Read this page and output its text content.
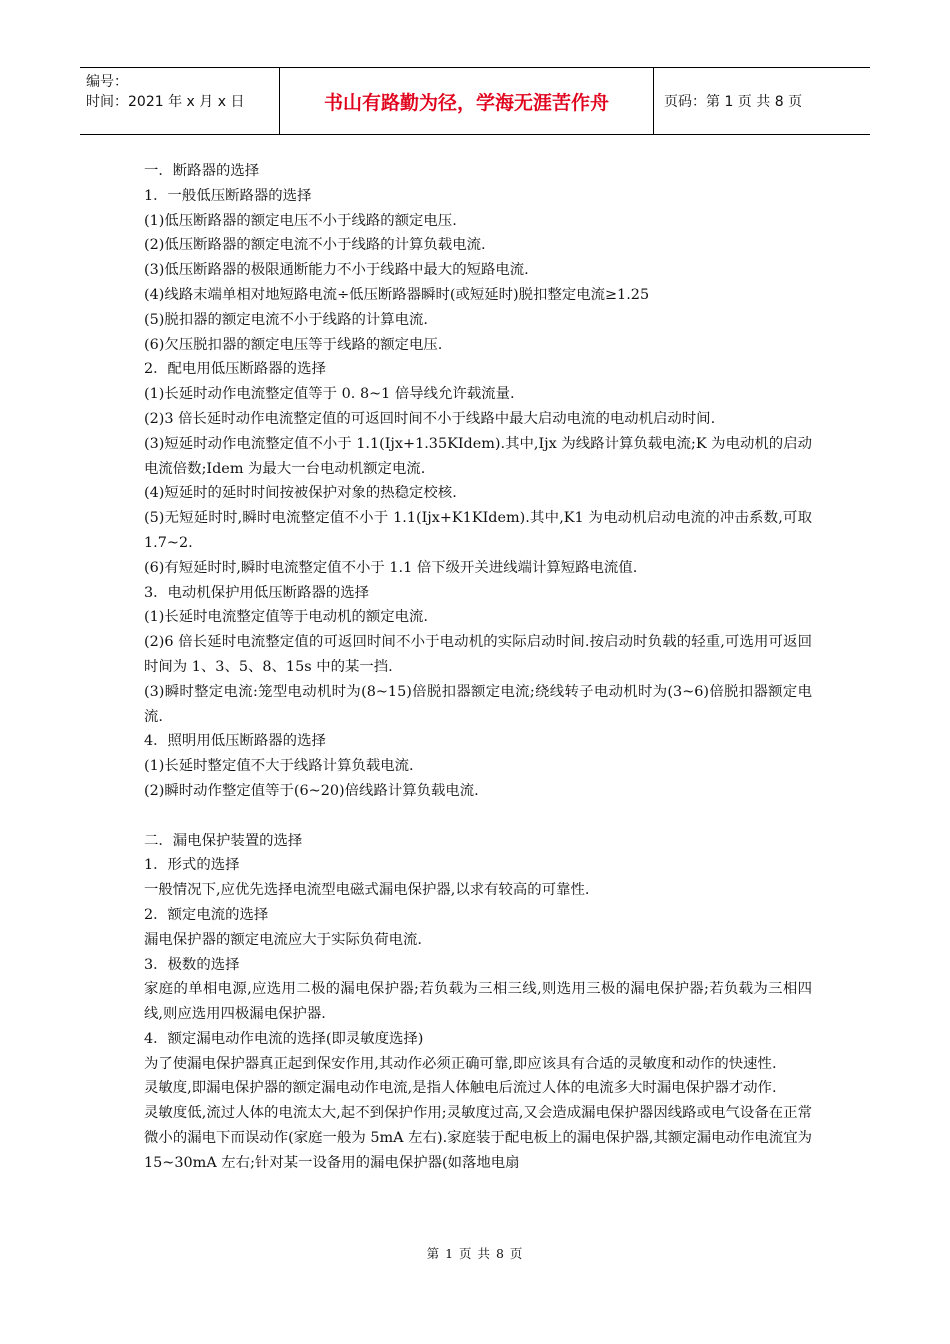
编号：
时间：2021 年 x 月 x 日	书山有路勤为径，学海无涯苦作舟	页码：第 1 页 共 8 页

一．断路器的选择

1．一般低压断路器的选择

(1)低压断路器的额定电压不小于线路的额定电压.

(2)低压断路器的额定电流不小于线路的计算负载电流.

(3)低压断路器的极限通断能力不小于线路中最大的短路电流.

(4)线路末端单相对地短路电流÷低压断路器瞬时(或短延时)脱扣整定电流≥1.25

(5)脱扣器的额定电流不小于线路的计算电流.

(6)欠压脱扣器的额定电压等于线路的额定电压.

2．配电用低压断路器的选择

(1)长延时动作电流整定值等于 0. 8~1 倍导线允许载流量.

(2)3 倍长延时动作电流整定值的可返回时间不小于线路中最大启动电流的电动机启动时间.

(3)短延时动作电流整定值不小于 1.1(Ijx+1.35KIdem).其中,Ijx 为线路计算负载电流;K 为电动机的启动电流倍数;Idem 为最大一台电动机额定电流.

(4)短延时的延时时间按被保护对象的热稳定校核.

(5)无短延时时,瞬时电流整定值不小于 1.1(Ijx+K1KIdem).其中,K1 为电动机启动电流的冲击系数,可取 1.7~2.

(6)有短延时时,瞬时电流整定值不小于 1.1 倍下级开关进线端计算短路电流值.

3．电动机保护用低压断路器的选择

(1)长延时电流整定值等于电动机的额定电流.

(2)6 倍长延时电流整定值的可返回时间不小于电动机的实际启动时间.按启动时负载的轻重,可选用可返回时间为 1、3、5、8、15s 中的某一挡.

(3)瞬时整定电流:笼型电动机时为(8~15)倍脱扣器额定电流;绕线转子电动机时为(3~6)倍脱扣器额定电流.

4．照明用低压断路器的选择

(1)长延时整定值不大于线路计算负载电流.

(2)瞬时动作整定值等于(6~20)倍线路计算负载电流.

二．漏电保护装置的选择

1．形式的选择

一般情况下,应优先选择电流型电磁式漏电保护器,以求有较高的可靠性.

2．额定电流的选择

漏电保护器的额定电流应大于实际负荷电流.

3．极数的选择

家庭的单相电源,应选用二极的漏电保护器;若负载为三相三线,则选用三极的漏电保护器;若负载为三相四线,则应选用四极漏电保护器.

4．额定漏电动作电流的选择(即灵敏度选择)

为了使漏电保护器真正起到保安作用,其动作必须正确可靠,即应该具有合适的灵敏度和动作的快速性.

灵敏度,即漏电保护器的额定漏电动作电流,是指人体触电后流过人体的电流多大时漏电保护器才动作.

灵敏度低,流过人体的电流太大,起不到保护作用;灵敏度过高,又会造成漏电保护器因线路或电气设备在正常微小的漏电下而误动作(家庭一般为 5mA 左右).家庭装于配电板上的漏电保护器,其额定漏电动作电流宜为 15~30mA 左右;针对某一设备用的漏电保护器(如落地电扇

第 1 页 共 8 页
